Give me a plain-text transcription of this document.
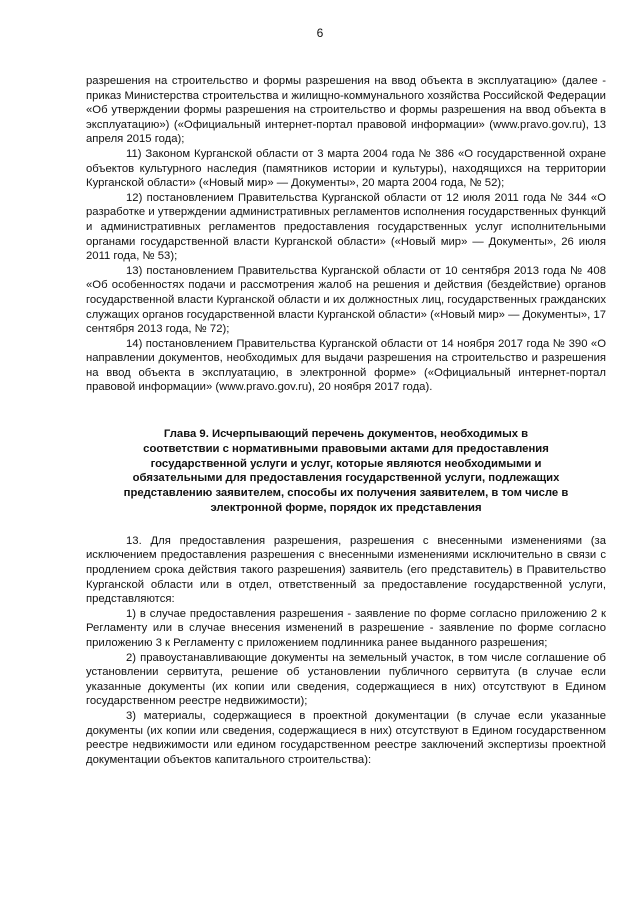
6

разрешения на строительство и формы разрешения на ввод объекта в эксплуатацию» (далее - приказ Министерства строительства и жилищно-коммунального хозяйства Российской Федерации «Об утверждении формы разрешения на строительство и формы разрешения на ввод объекта в эксплуатацию») («Официальный интернет-портал правовой информации» (www.pravo.gov.ru), 13 апреля 2015 года);

11) Законом Курганской области от 3 марта 2004 года № 386 «О государственной охране объектов культурного наследия (памятников истории и культуры), находящихся на территории Курганской области» («Новый мир» — Документы», 20 марта 2004 года, № 52);

12) постановлением Правительства Курганской области от 12 июля 2011 года № 344 «О разработке и утверждении административных регламентов исполнения государственных функций и административных регламентов предоставления государственных услуг исполнительными органами государственной власти Курганской области» («Новый мир» — Документы», 26 июля 2011 года, № 53);

13) постановлением Правительства Курганской области от 10 сентября 2013 года № 408 «Об особенностях подачи и рассмотрения жалоб на решения и действия (бездействие) органов государственной власти Курганской области и их должностных лиц, государственных гражданских служащих органов государственной власти Курганской области» («Новый мир» — Документы», 17 сентября 2013 года, № 72);

14) постановлением Правительства Курганской области от 14 ноября 2017 года № 390 «О направлении документов, необходимых для выдачи разрешения на строительство и разрешения на ввод объекта в эксплуатацию, в электронной форме» («Официальный интернет-портал правовой информации» (www.pravo.gov.ru), 20 ноября 2017 года).

Глава 9. Исчерпывающий перечень документов, необходимых в
соответствии с нормативными правовыми актами для предоставления
государственной услуги и услуг, которые являются необходимыми и
обязательными для предоставления государственной услуги, подлежащих
представлению заявителем, способы их получения заявителем, в том числе в
электронной форме, порядок их представления

13. Для предоставления разрешения, разрешения с внесенными изменениями (за исключением предоставления разрешения с внесенными изменениями исключительно в связи с продлением срока действия такого разрешения) заявитель (его представитель) в Правительство Курганской области или в отдел, ответственный за предоставление государственной услуги, представляются:

1) в случае предоставления разрешения - заявление по форме согласно приложению 2 к Регламенту или в случае внесения изменений в разрешение - заявление по форме согласно приложению 3 к Регламенту с приложением подлинника ранее выданного разрешения;

2) правоустанавливающие документы на земельный участок, в том числе соглашение об установлении сервитута, решение об установлении публичного сервитута (в случае если указанные документы (их копии или сведения, содержащиеся в них) отсутствуют в Едином государственном реестре недвижимости);

3) материалы, содержащиеся в проектной документации (в случае если указанные документы (их копии или сведения, содержащиеся в них) отсутствуют в Едином государственном реестре недвижимости или едином государственном реестре заключений экспертизы проектной документации объектов капитального строительства):
